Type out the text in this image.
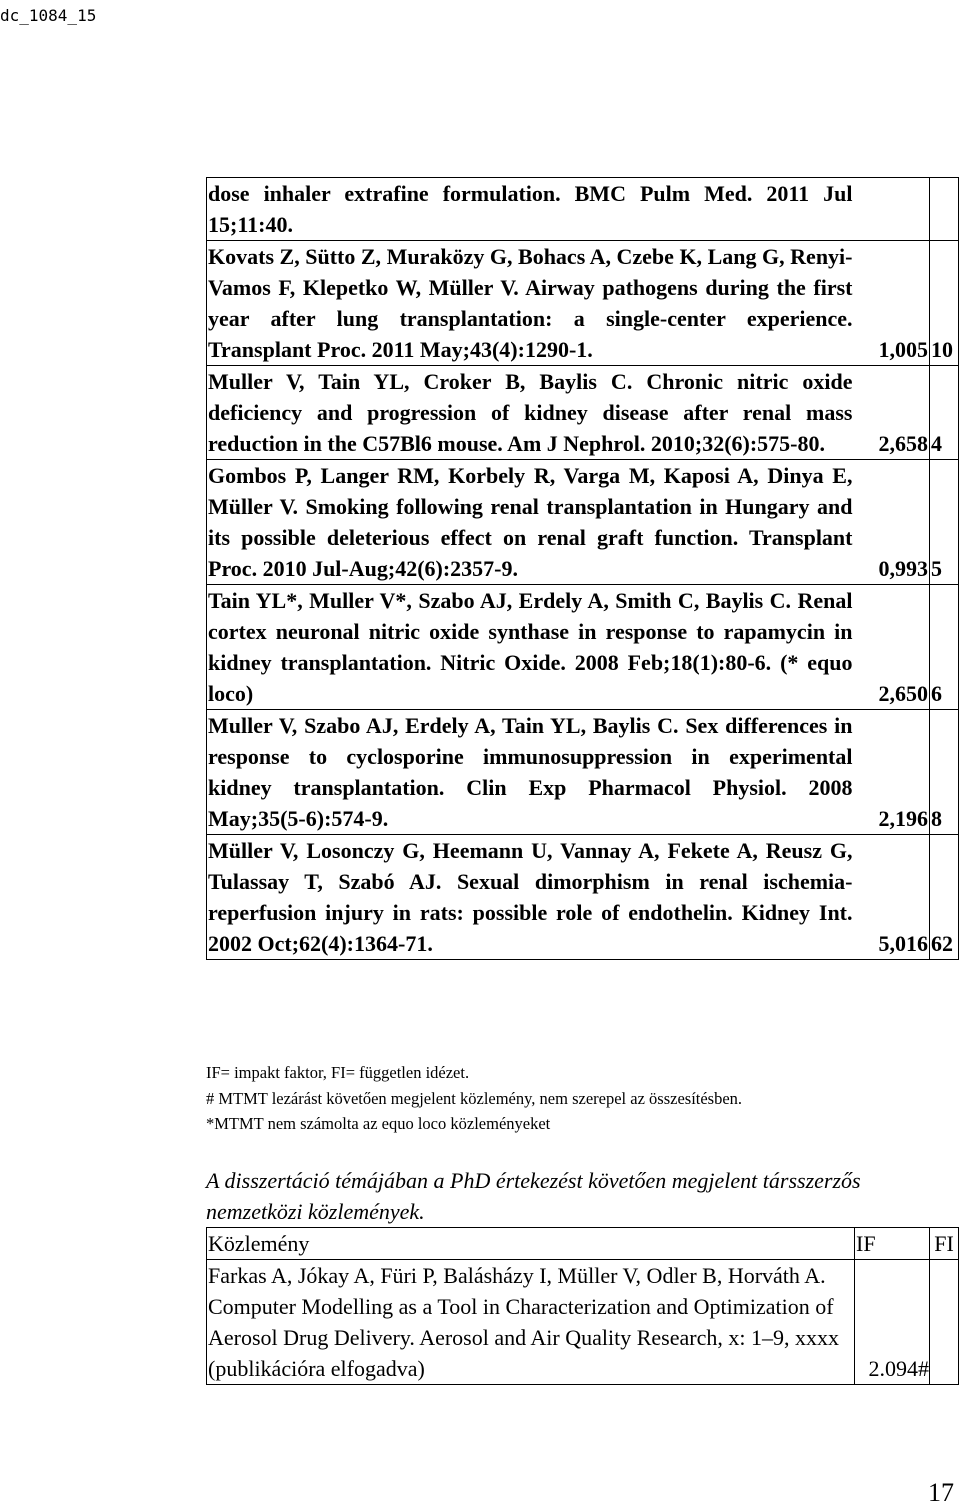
dc_1084_15
dose inhaler extrafine formulation. BMC Pulm Med. 2011 Jul 15;11:40.		
Kovats Z, Sütto Z, Muraközy G, Bohacs A, Czebe K, Lang G, Renyi-Vamos F, Klepetko W, Müller V. Airway pathogens during the first year after lung transplantation: a single-center experience. Transplant Proc. 2011 May;43(4):1290-1.	1,005	10
Muller V, Tain YL, Croker B, Baylis C. Chronic nitric oxide deficiency and progression of kidney disease after renal mass reduction in the C57Bl6 mouse. Am J Nephrol. 2010;32(6):575-80.	2,658	4
Gombos P, Langer RM, Korbely R, Varga M, Kaposi A, Dinya E, Müller V. Smoking following renal transplantation in Hungary and its possible deleterious effect on renal graft function. Transplant Proc. 2010 Jul-Aug;42(6):2357-9.	0,993	5
Tain YL*, Muller V*, Szabo AJ, Erdely A, Smith C, Baylis C. Renal cortex neuronal nitric oxide synthase in response to rapamycin in kidney transplantation. Nitric Oxide. 2008 Feb;18(1):80-6. (* equo loco)	2,650	6
Muller V, Szabo AJ, Erdely A, Tain YL, Baylis C. Sex differences in response to cyclosporine immunosuppression in experimental kidney transplantation. Clin Exp Pharmacol Physiol. 2008 May;35(5-6):574-9.	2,196	8
Müller V, Losonczy G, Heemann U, Vannay A, Fekete A, Reusz G, Tulassay T, Szabó AJ. Sexual dimorphism in renal ischemia-reperfusion injury in rats: possible role of endothelin. Kidney Int. 2002 Oct;62(4):1364-71.	5,016	62
IF= impakt faktor, FI= független idézet.
# MTMT lezárást követően megjelent közlemény, nem szerepel az összesítésben.
*MTMT nem számolta az equo loco közleményeket
A disszertáció témájában a PhD értekezést követően megjelent társszerzős nemzetközi közlemények.
Közlemény	IF	FI
Farkas A, Jókay A, Füri P, Balásházy I, Müller V, Odler B, Horváth A. Computer Modelling as a Tool in Characterization and Optimization of Aerosol Drug Delivery. Aerosol and Air Quality Research, x: 1–9, xxxx (publikációra elfogadva)	2.094#	
17
